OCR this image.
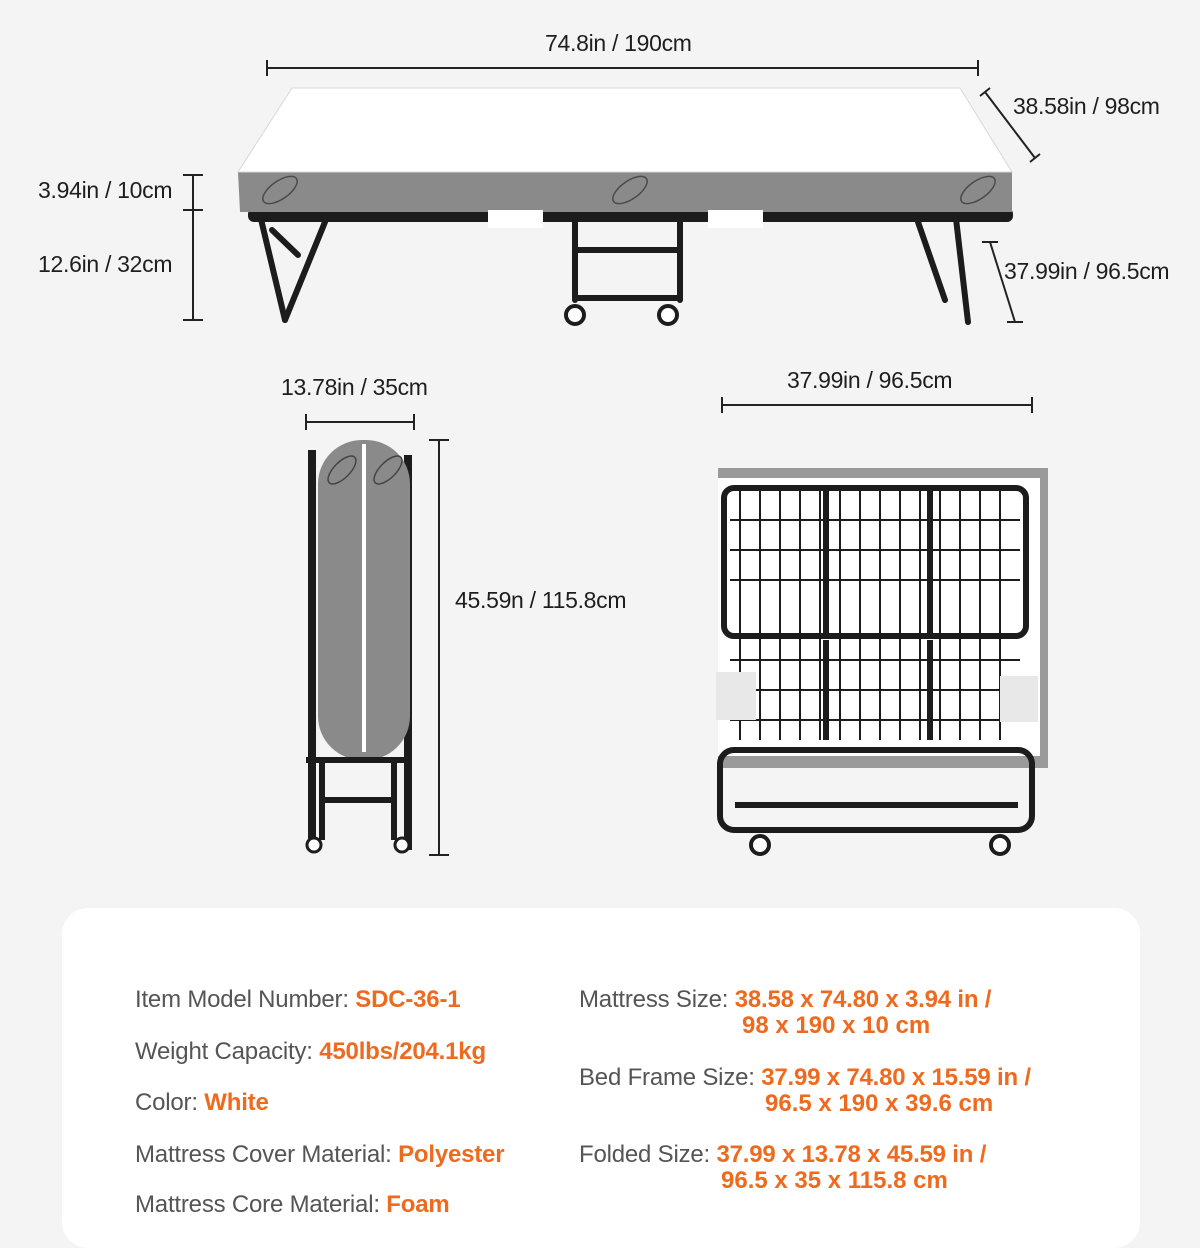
74.8in / 190cm
38.58in / 98cm
3.94in / 10cm
12.6in / 32cm	37.99in / 96.5cm
13.78in / 35cm
45.59n / 115.8cm
37.99in / 96.5cm
Item Model Number: SDC-36-1
Weight Capacity: 450lbs/204.1kg
Color: White
Mattress Cover Material: Polyester
Mattress Core Material: Foam
Mattress Size: 38.58 x 74.80 x 3.94 in /
98 x 190 x 10 cm
Bed Frame Size: 37.99 x 74.80 x 15.59 in /
96.5 x 190 x 39.6 cm
Folded Size: 37.99 x 13.78 x 45.59 in /
96.5 x 35 x 115.8 cm
